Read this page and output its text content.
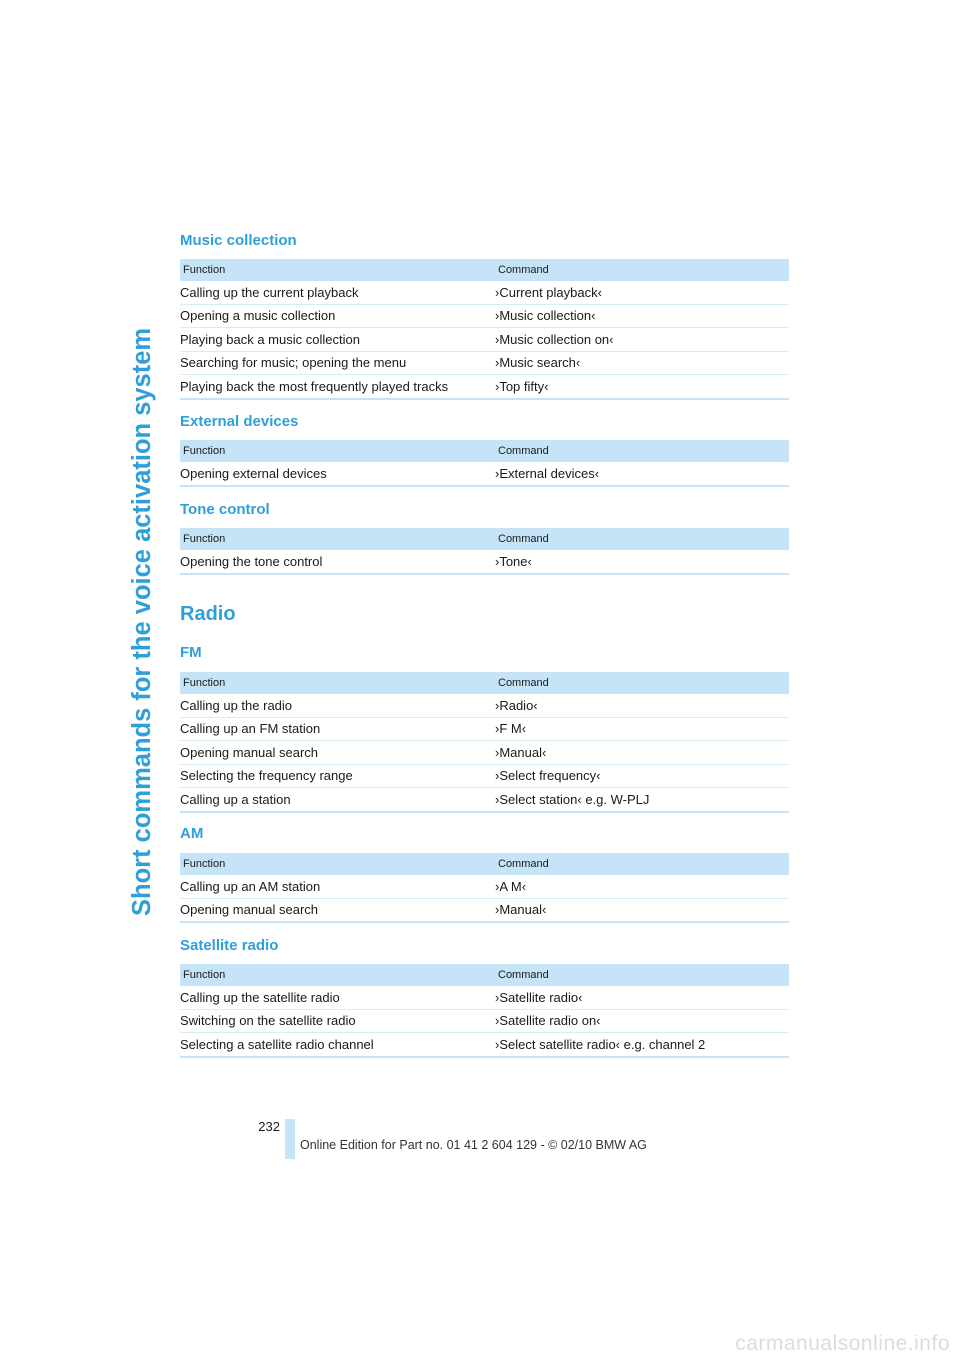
Short commands for the voice activation system
Music collection
Function	Command
Calling up the current playback	›Current playback‹
Opening a music collection	›Music collection‹
Playing back a music collection	›Music collection on‹
Searching for music; opening the menu	›Music search‹
Playing back the most frequently played tracks	›Top fifty‹
External devices
Function	Command
Opening external devices	›External devices‹
Tone control
Function	Command
Opening the tone control	›Tone‹
Radio
FM
Function	Command
Calling up the radio	›Radio‹
Calling up an FM station	›F M‹
Opening manual search	›Manual‹
Selecting the frequency range	›Select frequency‹
Calling up a station	›Select station‹ e.g. W-PLJ
AM
Function	Command
Calling up an AM station	›A M‹
Opening manual search	›Manual‹
Satellite radio
Function	Command
Calling up the satellite radio	›Satellite radio‹
Switching on the satellite radio	›Satellite radio on‹
Selecting a satellite radio channel	›Select satellite radio‹ e.g. channel 2
232
Online Edition for Part no. 01 41 2 604 129 - © 02/10 BMW AG
carmanualsonline.info
